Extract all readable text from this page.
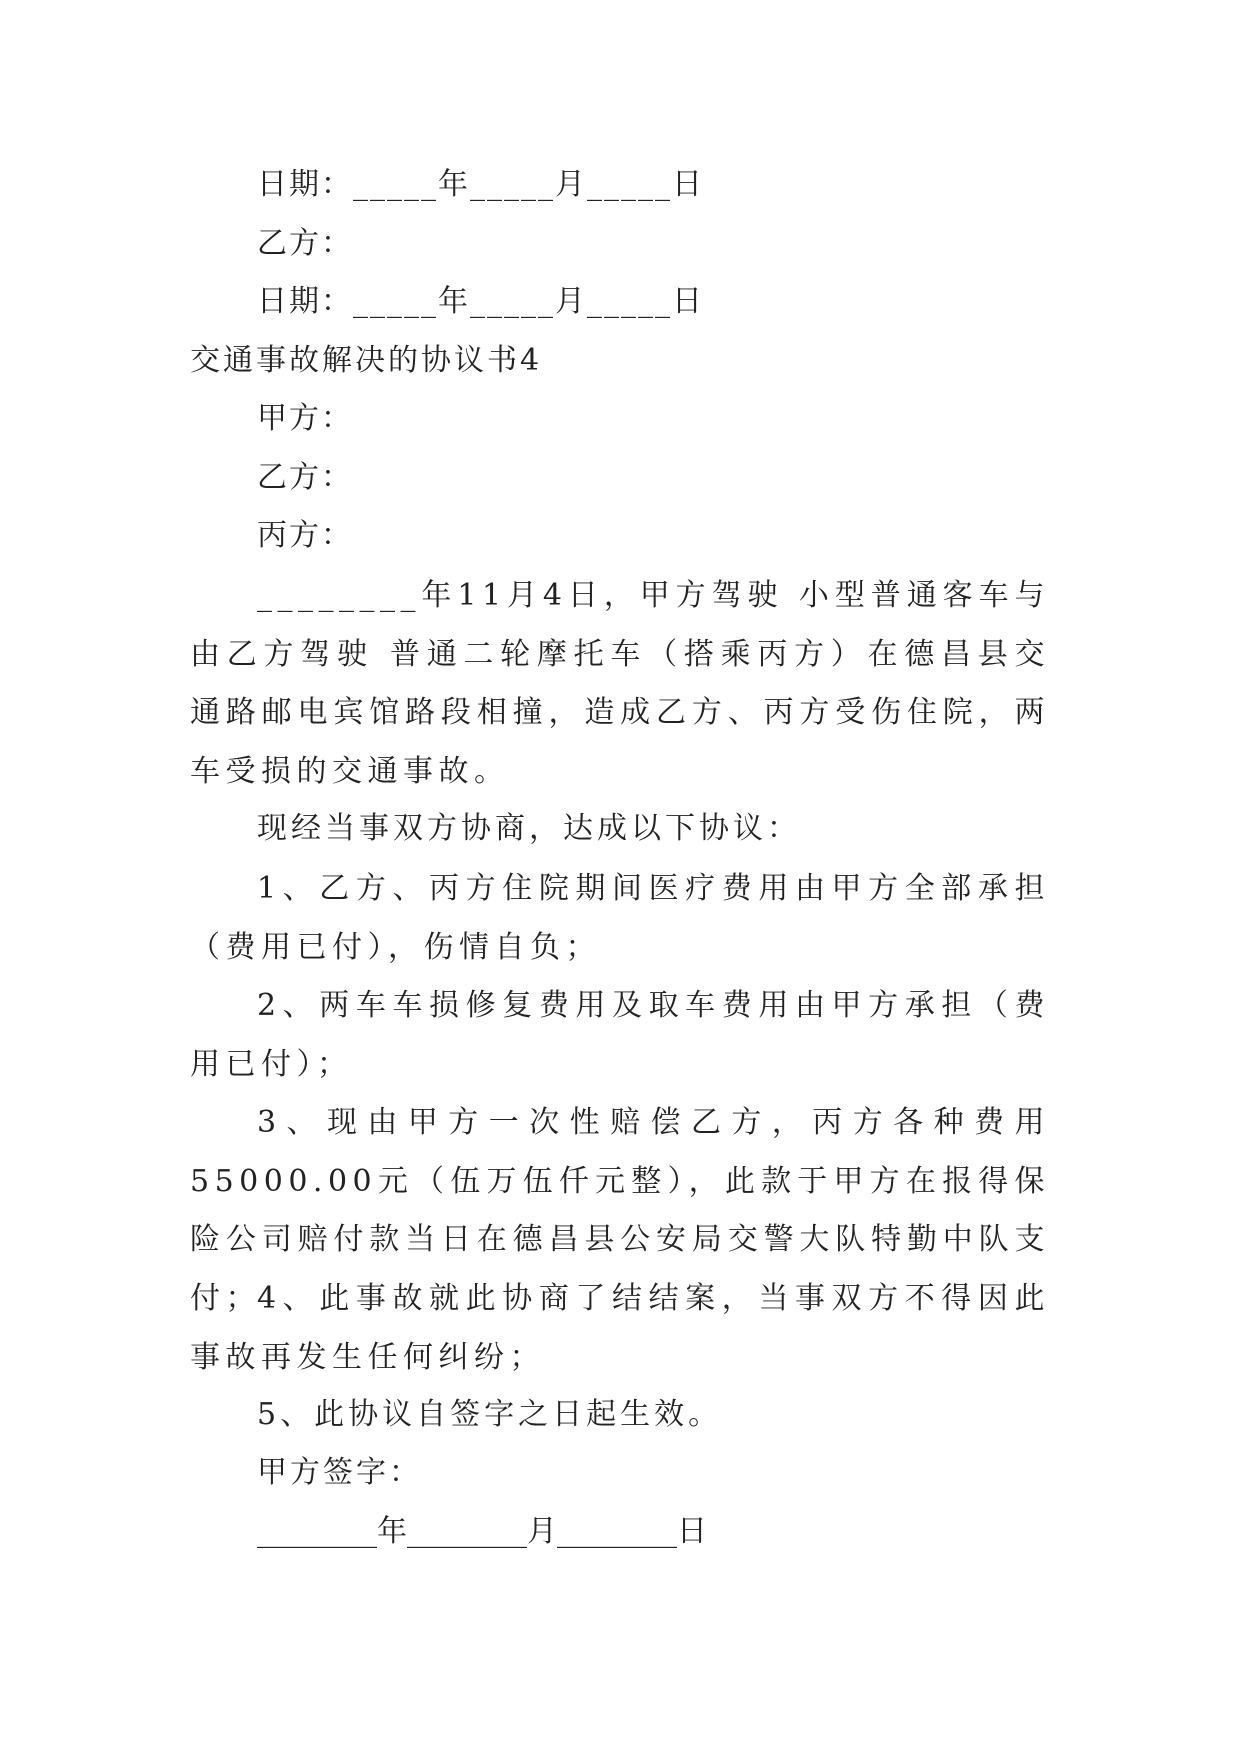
日期：_____年_____月_____日

乙方：

日期：_____年_____月_____日

交通事故解决的协议书4

甲方：

乙方：

丙方：

________年11月4日，甲方驾驶 小型普通客车与由乙方驾驶 普通二轮摩托车（搭乘丙方）在德昌县交通路邮电宾馆路段相撞，造成乙方、丙方受伤住院，两车受损的交通事故。

现经当事双方协商，达成以下协议：

1、乙方、丙方住院期间医疗费用由甲方全部承担（费用已付），伤情自负；

2、两车车损修复费用及取车费用由甲方承担（费用已付）；

3、现由甲方一次性赔偿乙方，丙方各种费用55000.00元（伍万伍仟元整），此款于甲方在报得保险公司赔付款当日在德昌县公安局交警大队特勤中队支付；

4、此事故就此协商了结结案，当事双方不得因此事故再发生任何纠纷；

5、此协议自签字之日起生效。

甲方签字：

________年________月________日
